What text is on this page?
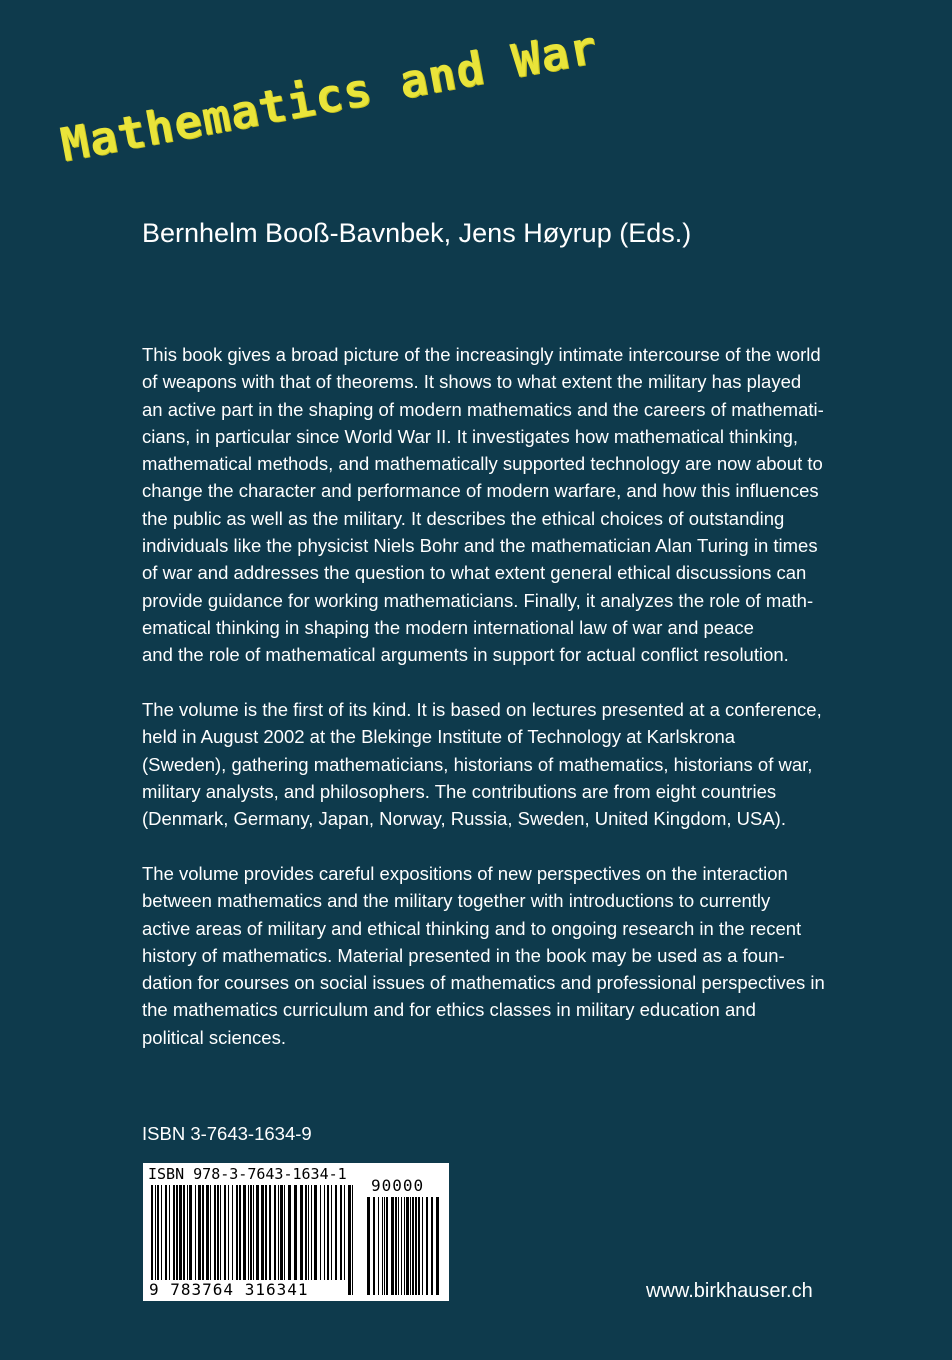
Mathematics and War
Bernhelm Booß-Bavnbek, Jens Høyrup (Eds.)
This book gives a broad picture of the increasingly intimate intercourse of the world
of weapons with that of theorems. It shows to what extent the military has played
an active part in the shaping of modern mathematics and the careers of mathemati-
cians, in particular since World War II. It investigates how mathematical thinking,
mathematical methods, and mathematically supported technology are now about to
change the character and performance of modern warfare, and how this influences
the public as well as the military. It describes the ethical choices of outstanding
individuals like the physicist Niels Bohr and the mathematician Alan Turing in times
of war and addresses the question to what extent general ethical discussions can
provide guidance for working mathematicians. Finally, it analyzes the role of math-
ematical thinking in shaping the modern international law of war and peace
and the role of mathematical arguments in support for actual conflict resolution.
The volume is the first of its kind. It is based on lectures presented at a conference,
held in August 2002 at the Blekinge Institute of Technology at Karlskrona
(Sweden), gathering mathematicians, historians of mathematics, historians of war,
military analysts, and philosophers. The contributions are from eight countries
(Denmark, Germany, Japan, Norway, Russia, Sweden, United Kingdom, USA).
The volume provides careful expositions of new perspectives on the interaction
between mathematics and the military together with introductions to currently
active areas of military and ethical thinking and to ongoing research in the recent
history of mathematics. Material presented in the book may be used as a foun-
dation for courses on social issues of mathematics and professional perspectives in
the mathematics curriculum and for ethics classes in military education and
political sciences.
ISBN 3-7643-1634-9
ISBN 978-3-7643-1634-1
90000
9 783764 316341	www.birkhauser.ch
